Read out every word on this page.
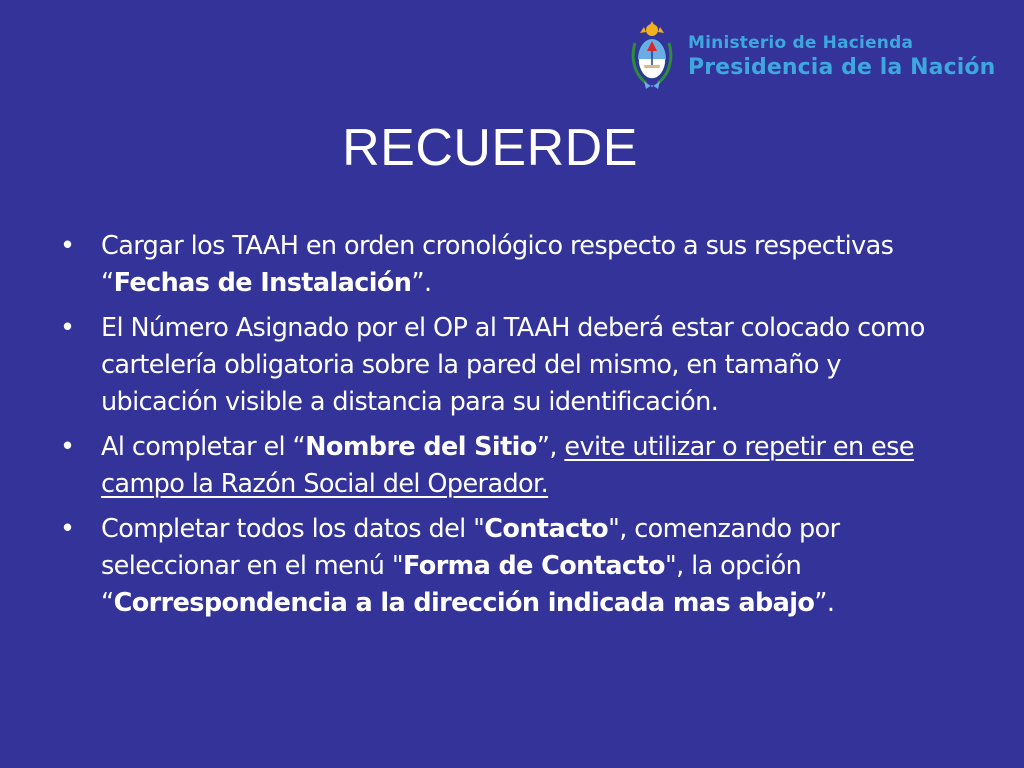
Ministerio de Hacienda
Presidencia de la Nación
RECUERDE
• Cargar los TAAH en orden cronológico respecto a sus respectivas “Fechas de Instalación”.
• El Número Asignado por el OP al TAAH deberá estar colocado como cartelería obligatoria sobre la pared del mismo, en tamaño y ubicación visible a distancia para su identificación.
• Al completar el “Nombre del Sitio”, evite utilizar o repetir en ese campo la Razón Social del Operador.
• Completar todos los datos del "Contacto", comenzando por seleccionar en el menú "Forma de Contacto", la opción “Correspondencia a la dirección indicada mas abajo”.
